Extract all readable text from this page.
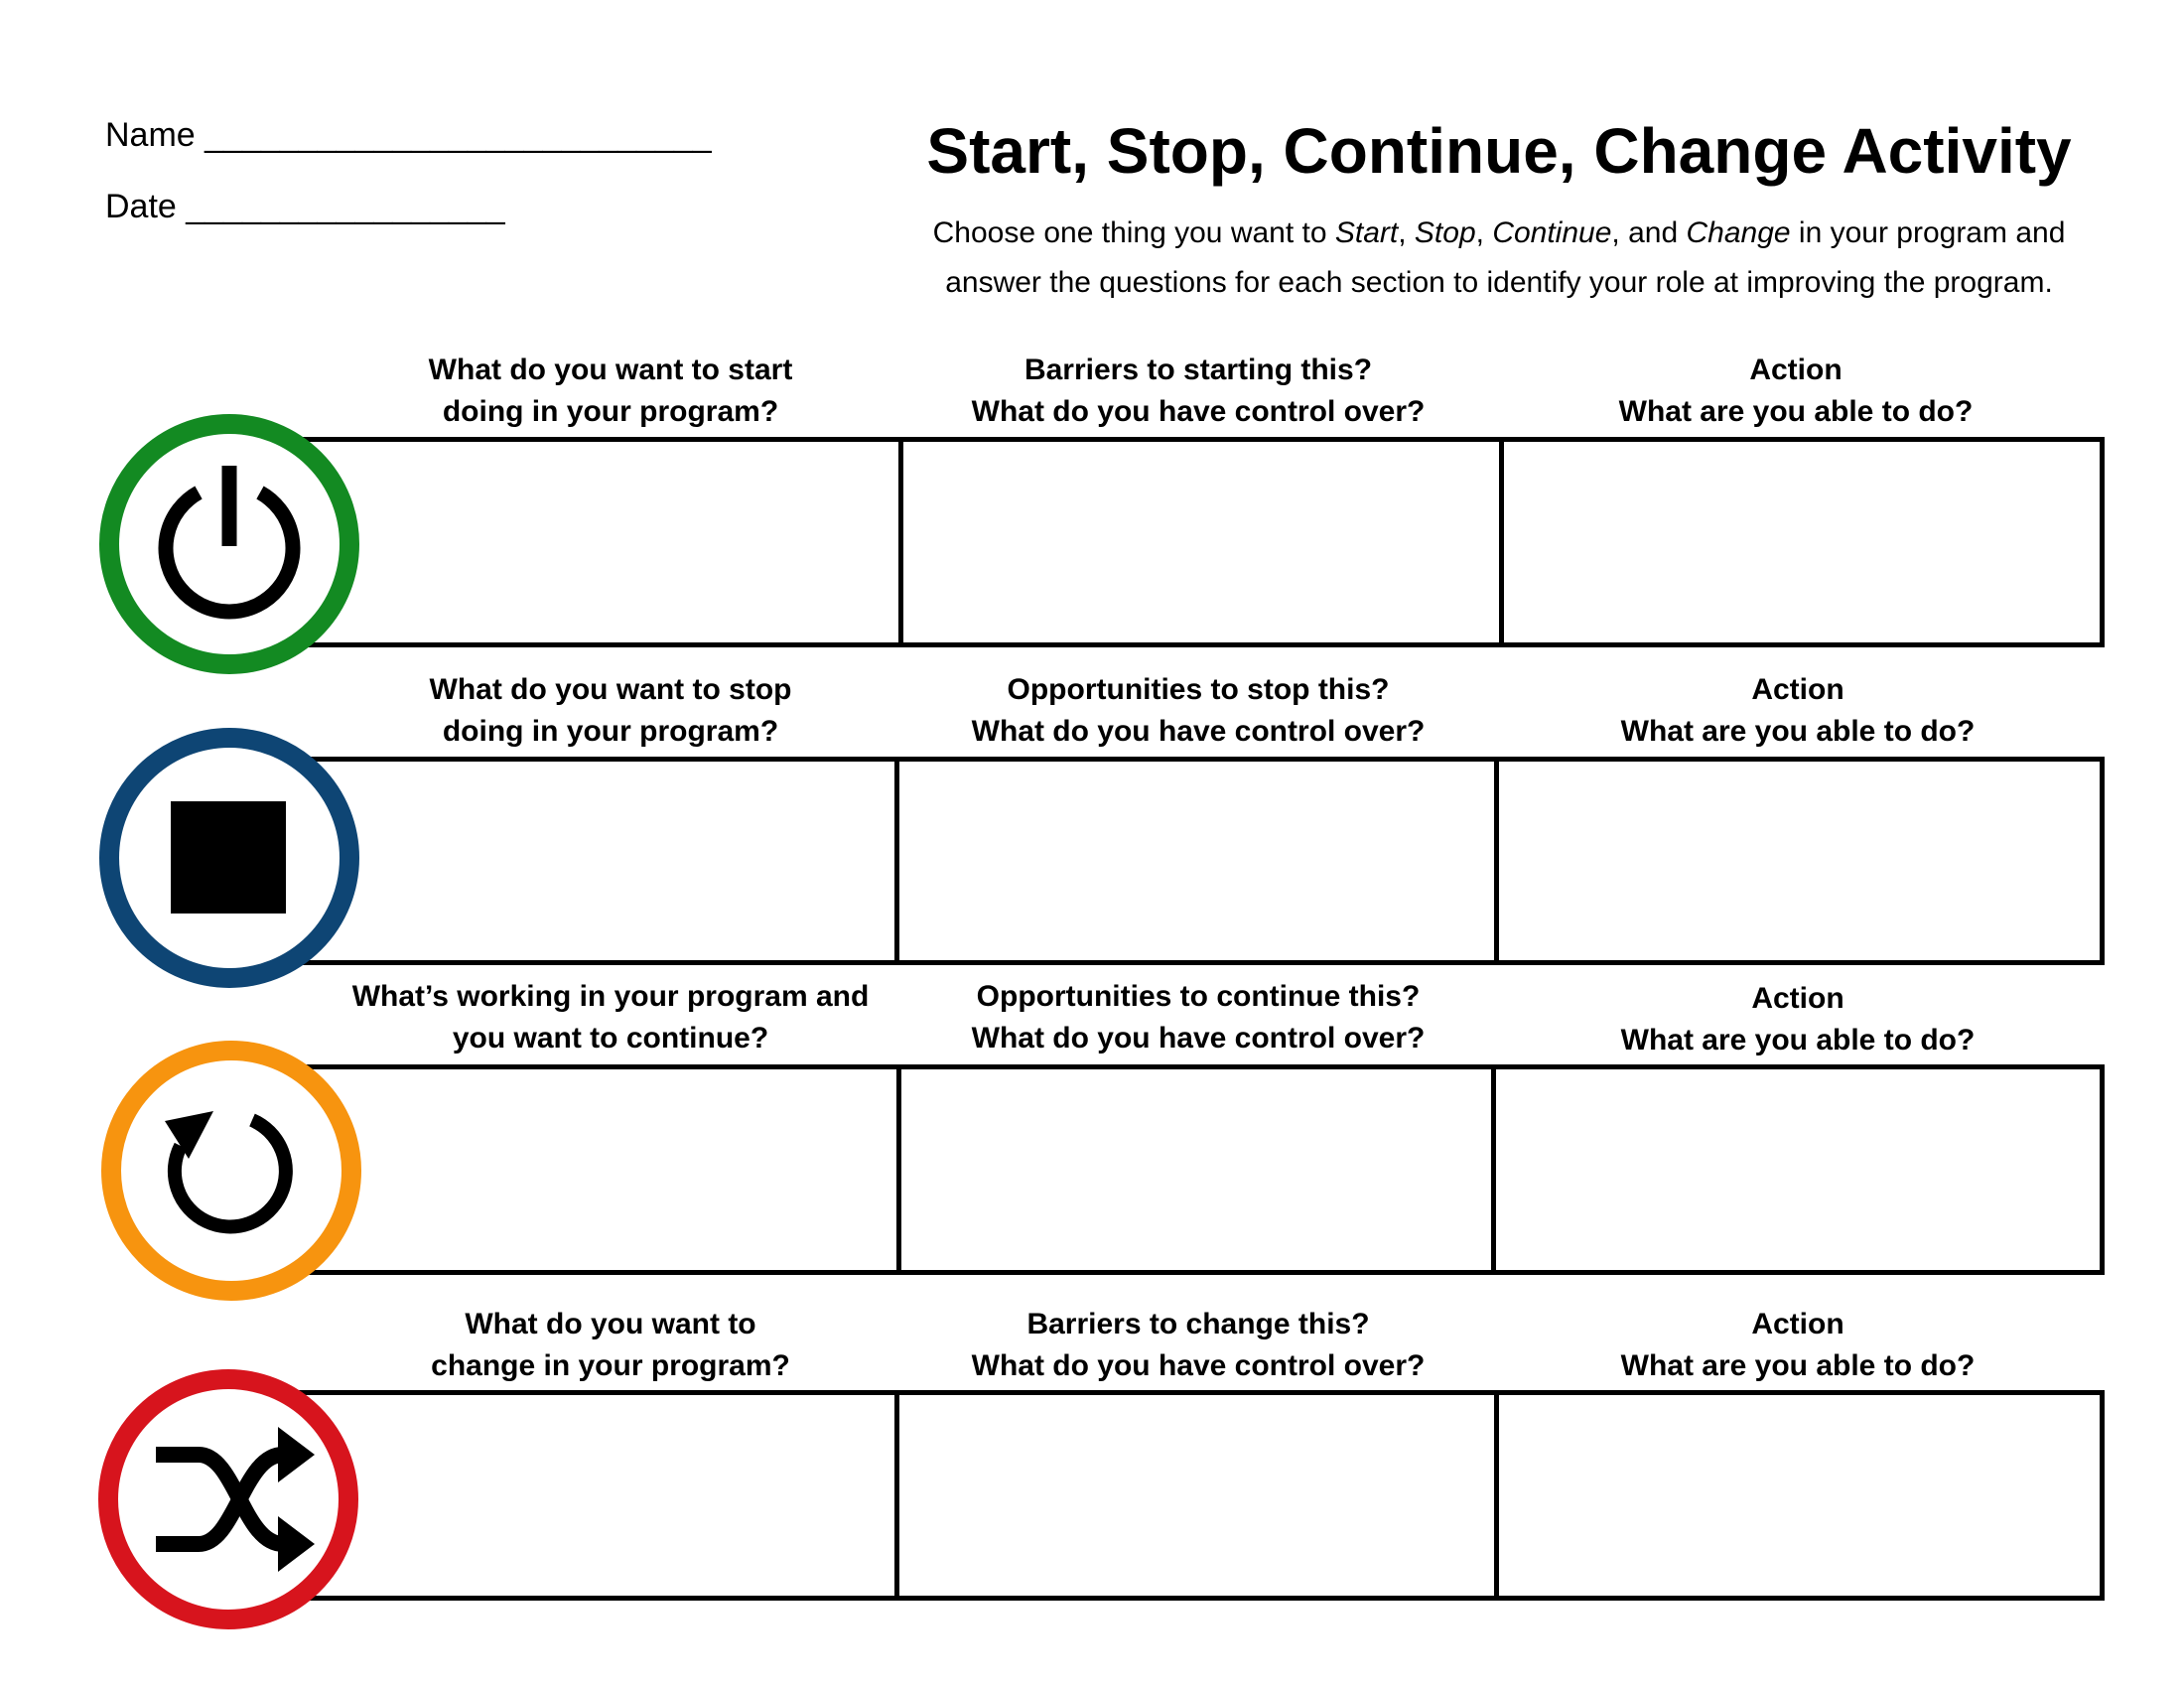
Name ___________________________
Date _________________
Start, Stop, Continue, Change Activity
Choose one thing you want to Start, Stop, Continue, and Change in your program and answer the questions for each section to identify your role at improving the program.
What do you want to start
doing in your program?
Barriers to starting this?
What do you have control over?
Action
What are you able to do?
What do you want to stop
doing in your program?
Opportunities to stop this?
What do you have control over?
Action
What are you able to do?
What’s working in your program and
you want to continue?
Opportunities to continue this?
What do you have control over?
Action
What are you able to do?
What do you want to
change in your program?
Barriers to change this?
What do you have control over?
Action
What are you able to do?
